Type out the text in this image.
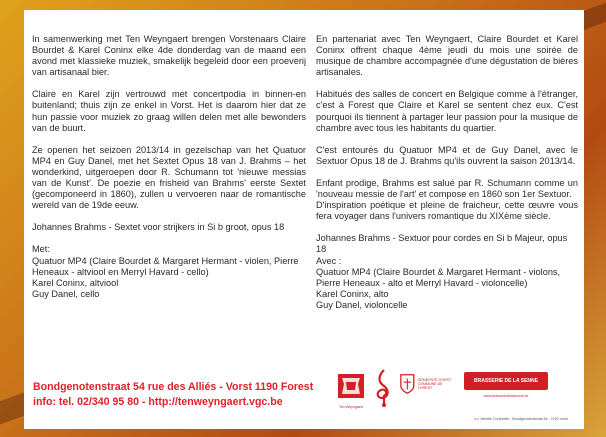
In samenwerking met Ten Weyngaert brengen Vorstenaars Claire Bourdet & Karel Coninx elke 4de donderdag van de maand een avond met klassieke muziek, smakelijk begeleid door een proeverij van artisanaal bier.

Claire en Karel zijn vertrouwd met concertpodia in binnen-en buitenland; thuis zijn ze enkel in Vorst. Het is daarom hier dat ze hun passie voor muziek zo graag willen delen met alle bewonders van de buurt.

Ze openen het seizoen 2013/14 in gezelschap van het Quatuor MP4 en Guy Danel, met het Sextet Opus 18 van J. Brahms – het wonderkind, uitgeroepen door R. Schumann tot 'nieuwe messias van de Kunst'. De poezie en frisheid van Brahms' eerste Sextet (gecomponeerd in 1860), zullen u vervoeren naar de romantische wereld van de 19de eeuw.

Johannes Brahms - Sextet voor strijkers in Si b groot, opus 18

Met:
Quatuor MP4 (Claire Bourdet & Margaret Hermant - violen, Pierre Heneaux - altviool en Merryl Havard - cello)
Karel Coninx, altviool
Guy Danel, cello

En partenariat avec Ten Weyngaert, Claire Bourdet et Karel Coninx offrent chaque 4ème jeudi du mois une soirée de musique de chambre accompagnée d'une dégustation de bières artisanales.

Habitués des salles de concert en Belgique comme à l'étranger, c'est à Forest que Claire et Karel se sentent chez eux. C'est pourquoi ils tiennent à partager leur passion pour la musique de chambre avec tous les habitants du quartier.

C'est entourés du Quatuor MP4 et de Guy Danel, avec le Sextuor Opus 18 de J. Brahms qu'ils ouvrent la saison 2013/14.

Enfant prodige, Brahms est salué par R. Schumann comme un 'nouveau messie de l'art' et compose en 1860 son 1er Sextuor.
D'inspiration poétique et pleine de fraicheur, cette œuvre vous fera voyager dans l'univers romantique du XIXème siècle.

Johannes Brahms - Sextuor pour cordes en Si b Majeur, opus 18
Avec :
Quatuor MP4 (Claire Bourdet & Margaret Hermant - violons, Pierre Heneaux - alto et Merryl Havard - violoncelle)
Karel Coninx, alto
Guy Danel, violoncelle

Bondgenotenstraat 54 rue des Alliés - Vorst 1190 Forest
info: tel. 02/340 95 80 - http://tenweyngaert.vgc.be	Ten Weyngaert
GEMEENTE VORST
COMMUNE DE FOREST
BRASSERIE DE LA SENNE
www.brasseriedelasenne.be
v.u. Mireille Cortevelle - Bondgenotenstraat 54 - 1190 Vorst
